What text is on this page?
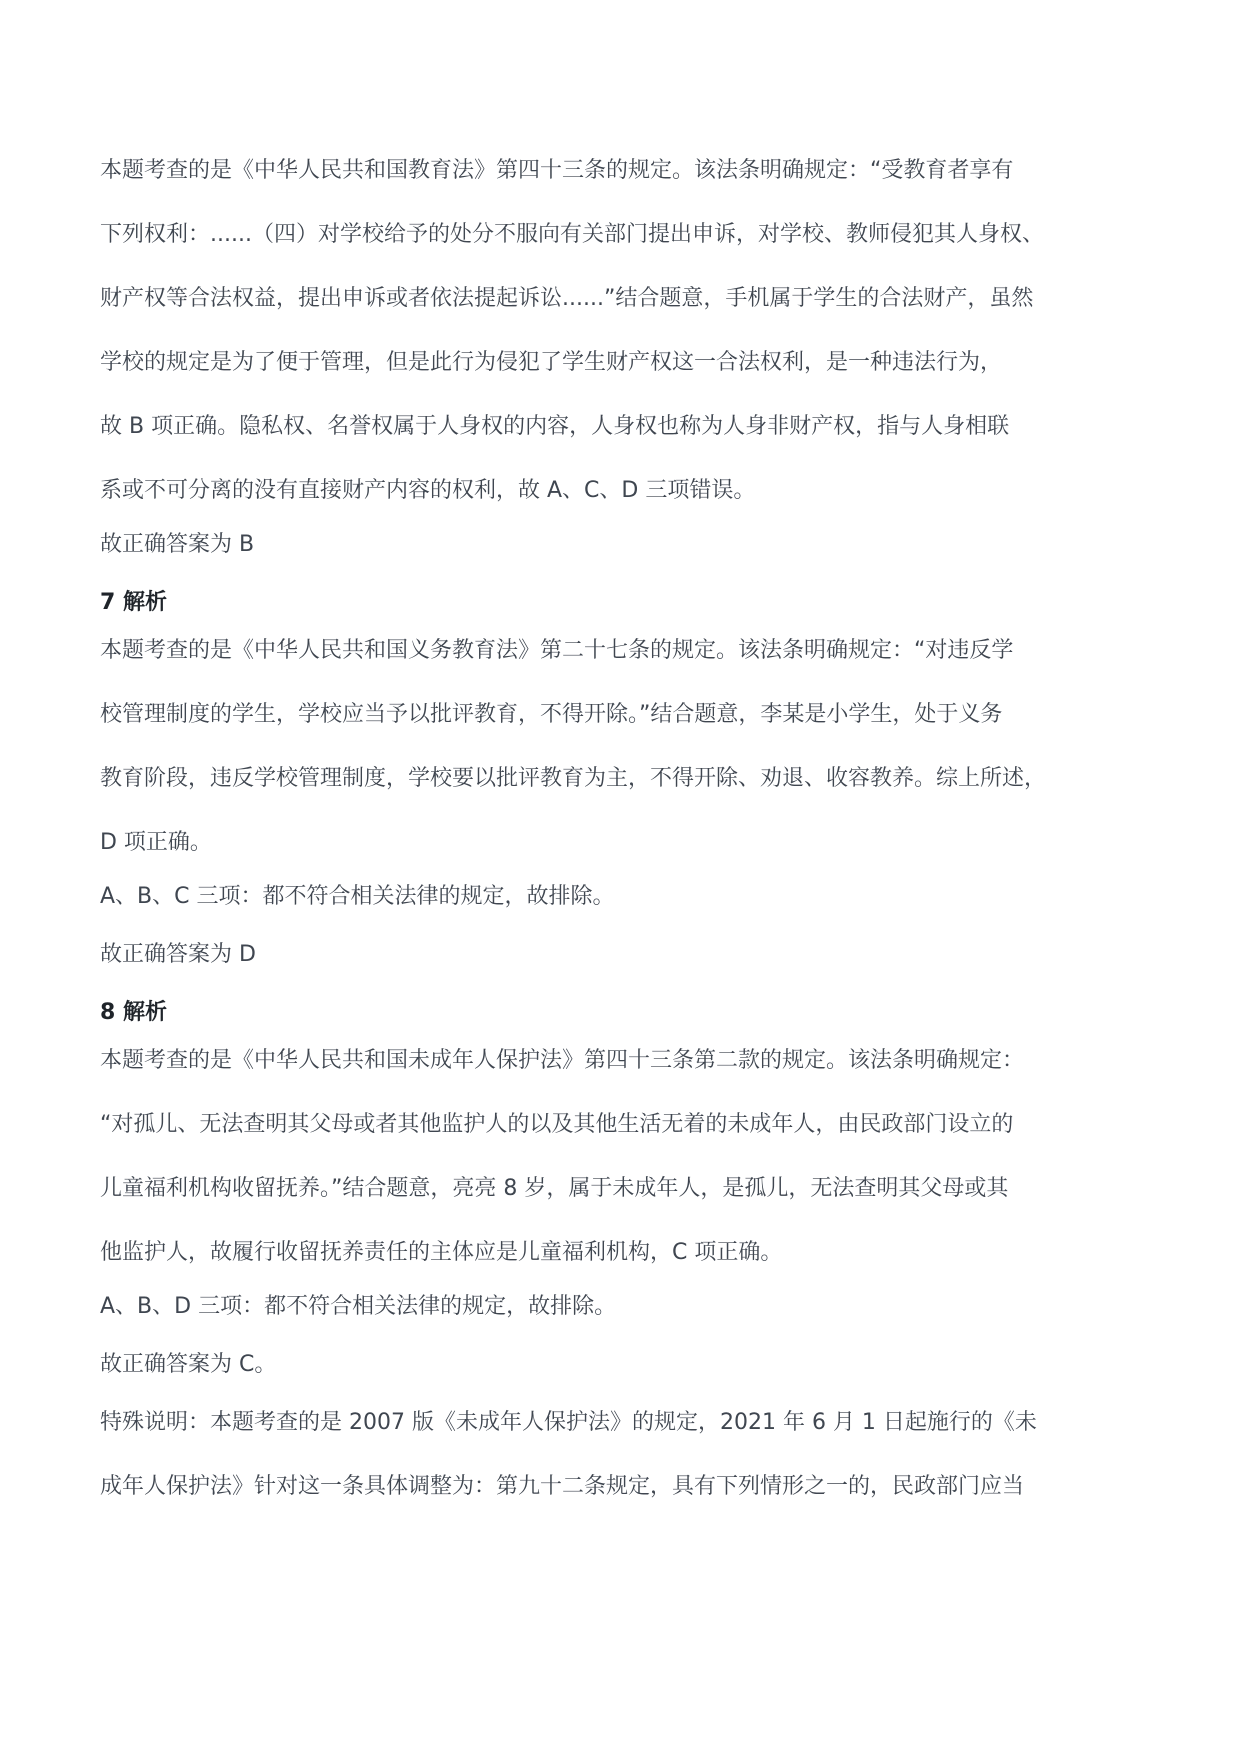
本题考查的是《中华人民共和国教育法》第四十三条的规定。该法条明确规定：“受教育者享有
下列权利：......（四）对学校给予的处分不服向有关部门提出申诉，对学校、教师侵犯其人身权、
财产权等合法权益，提出申诉或者依法提起诉讼......”结合题意，手机属于学生的合法财产，虽然
学校的规定是为了便于管理，但是此行为侵犯了学生财产权这一合法权利，是一种违法行为，
故 B 项正确。隐私权、名誉权属于人身权的内容，人身权也称为人身非财产权，指与人身相联
系或不可分离的没有直接财产内容的权利，故 A、C、D 三项错误。

故正确答案为 B

7 解析

本题考查的是《中华人民共和国义务教育法》第二十七条的规定。该法条明确规定：“对违反学
校管理制度的学生，学校应当予以批评教育，不得开除。”结合题意，李某是小学生，处于义务
教育阶段，违反学校管理制度，学校要以批评教育为主，不得开除、劝退、收容教养。综上所述，
D 项正确。

A、B、C 三项：都不符合相关法律的规定，故排除。

故正确答案为 D

8 解析

本题考查的是《中华人民共和国未成年人保护法》第四十三条第二款的规定。该法条明确规定：
“对孤儿、无法查明其父母或者其他监护人的以及其他生活无着的未成年人，由民政部门设立的
儿童福利机构收留抚养。”结合题意，亮亮 8 岁，属于未成年人，是孤儿，无法查明其父母或其
他监护人，故履行收留抚养责任的主体应是儿童福利机构，C 项正确。

A、B、D 三项：都不符合相关法律的规定，故排除。

故正确答案为 C。

特殊说明：本题考查的是 2007 版《未成年人保护法》的规定，2021 年 6 月 1 日起施行的《未
成年人保护法》针对这一条具体调整为：第九十二条规定，具有下列情形之一的，民政部门应当
